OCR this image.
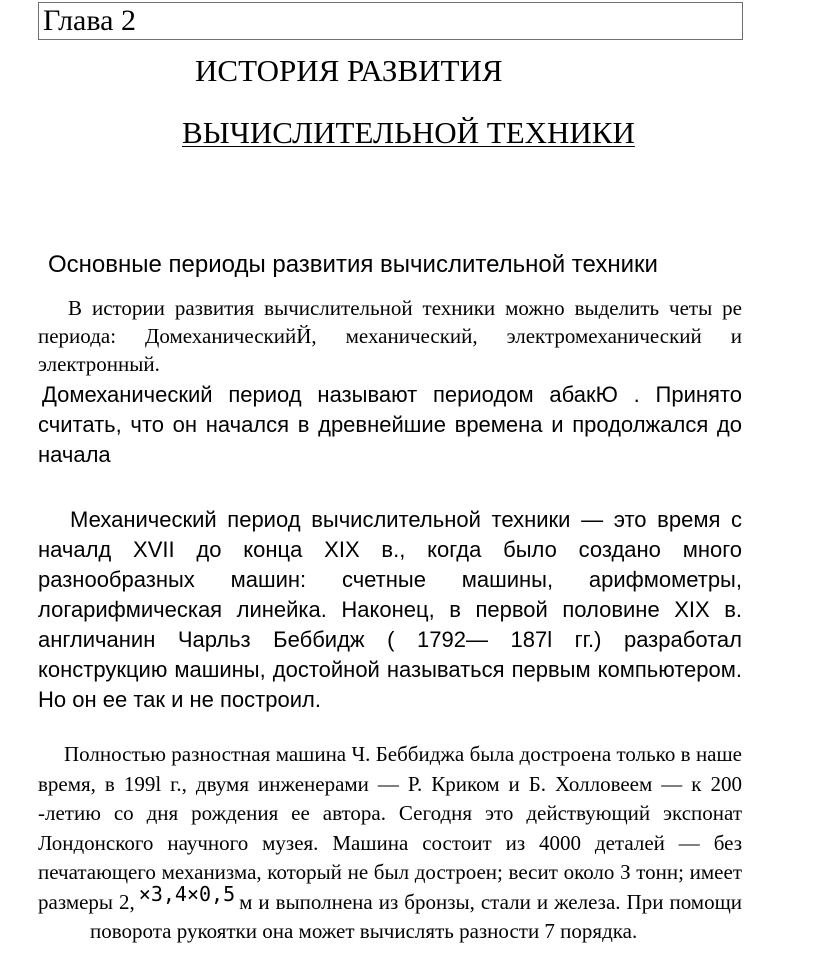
Глава 2
ИСТОРИЯ РАЗВИТИЯ
ВЫЧИСЛИТЕЛЬНОЙ ТЕХНИКИ
Основные периоды развития вычислительной техники

В истории развития вычислительной техники можно выделить четы ре периода: ДомеханическийЙ, механический, электромеханический и электронный.

Домеханический период называют периодом абакЮ . Принято считать, что он начался в древнейшие времена и продолжался до начала

Механический период вычислительной техники — это время с началд XVII до конца XIX в., когда было создано много разнообразных машин: счетные машины, арифмометры, логарифмическая линейка. Наконец, в первой половине XIX в. англичанин Чарльз Беббидж ( 1792— 187l гг.) разработал конструкцию машины, достойной называться первым компьютером. Но он ее так и не построил.

Полностью разностная машина Ч. Беббиджа была достроена только в наше время, в 199l г., двумя инженерами — Р. Криком и Б. Холловеем — к 200 -летию со дня рождения ее автора. Сегодня это действующий экспонат Лондонского научного музея. Машина состоит из 4000 деталей — без печатающего механизма, который не был достроен; весит около З тонн; имеет размеры 2, ×3,4×0,5 м и выполнена из бронзы, стали и железа. При помощиповорота рукоятки она может вычислять разности 7 порядка.
